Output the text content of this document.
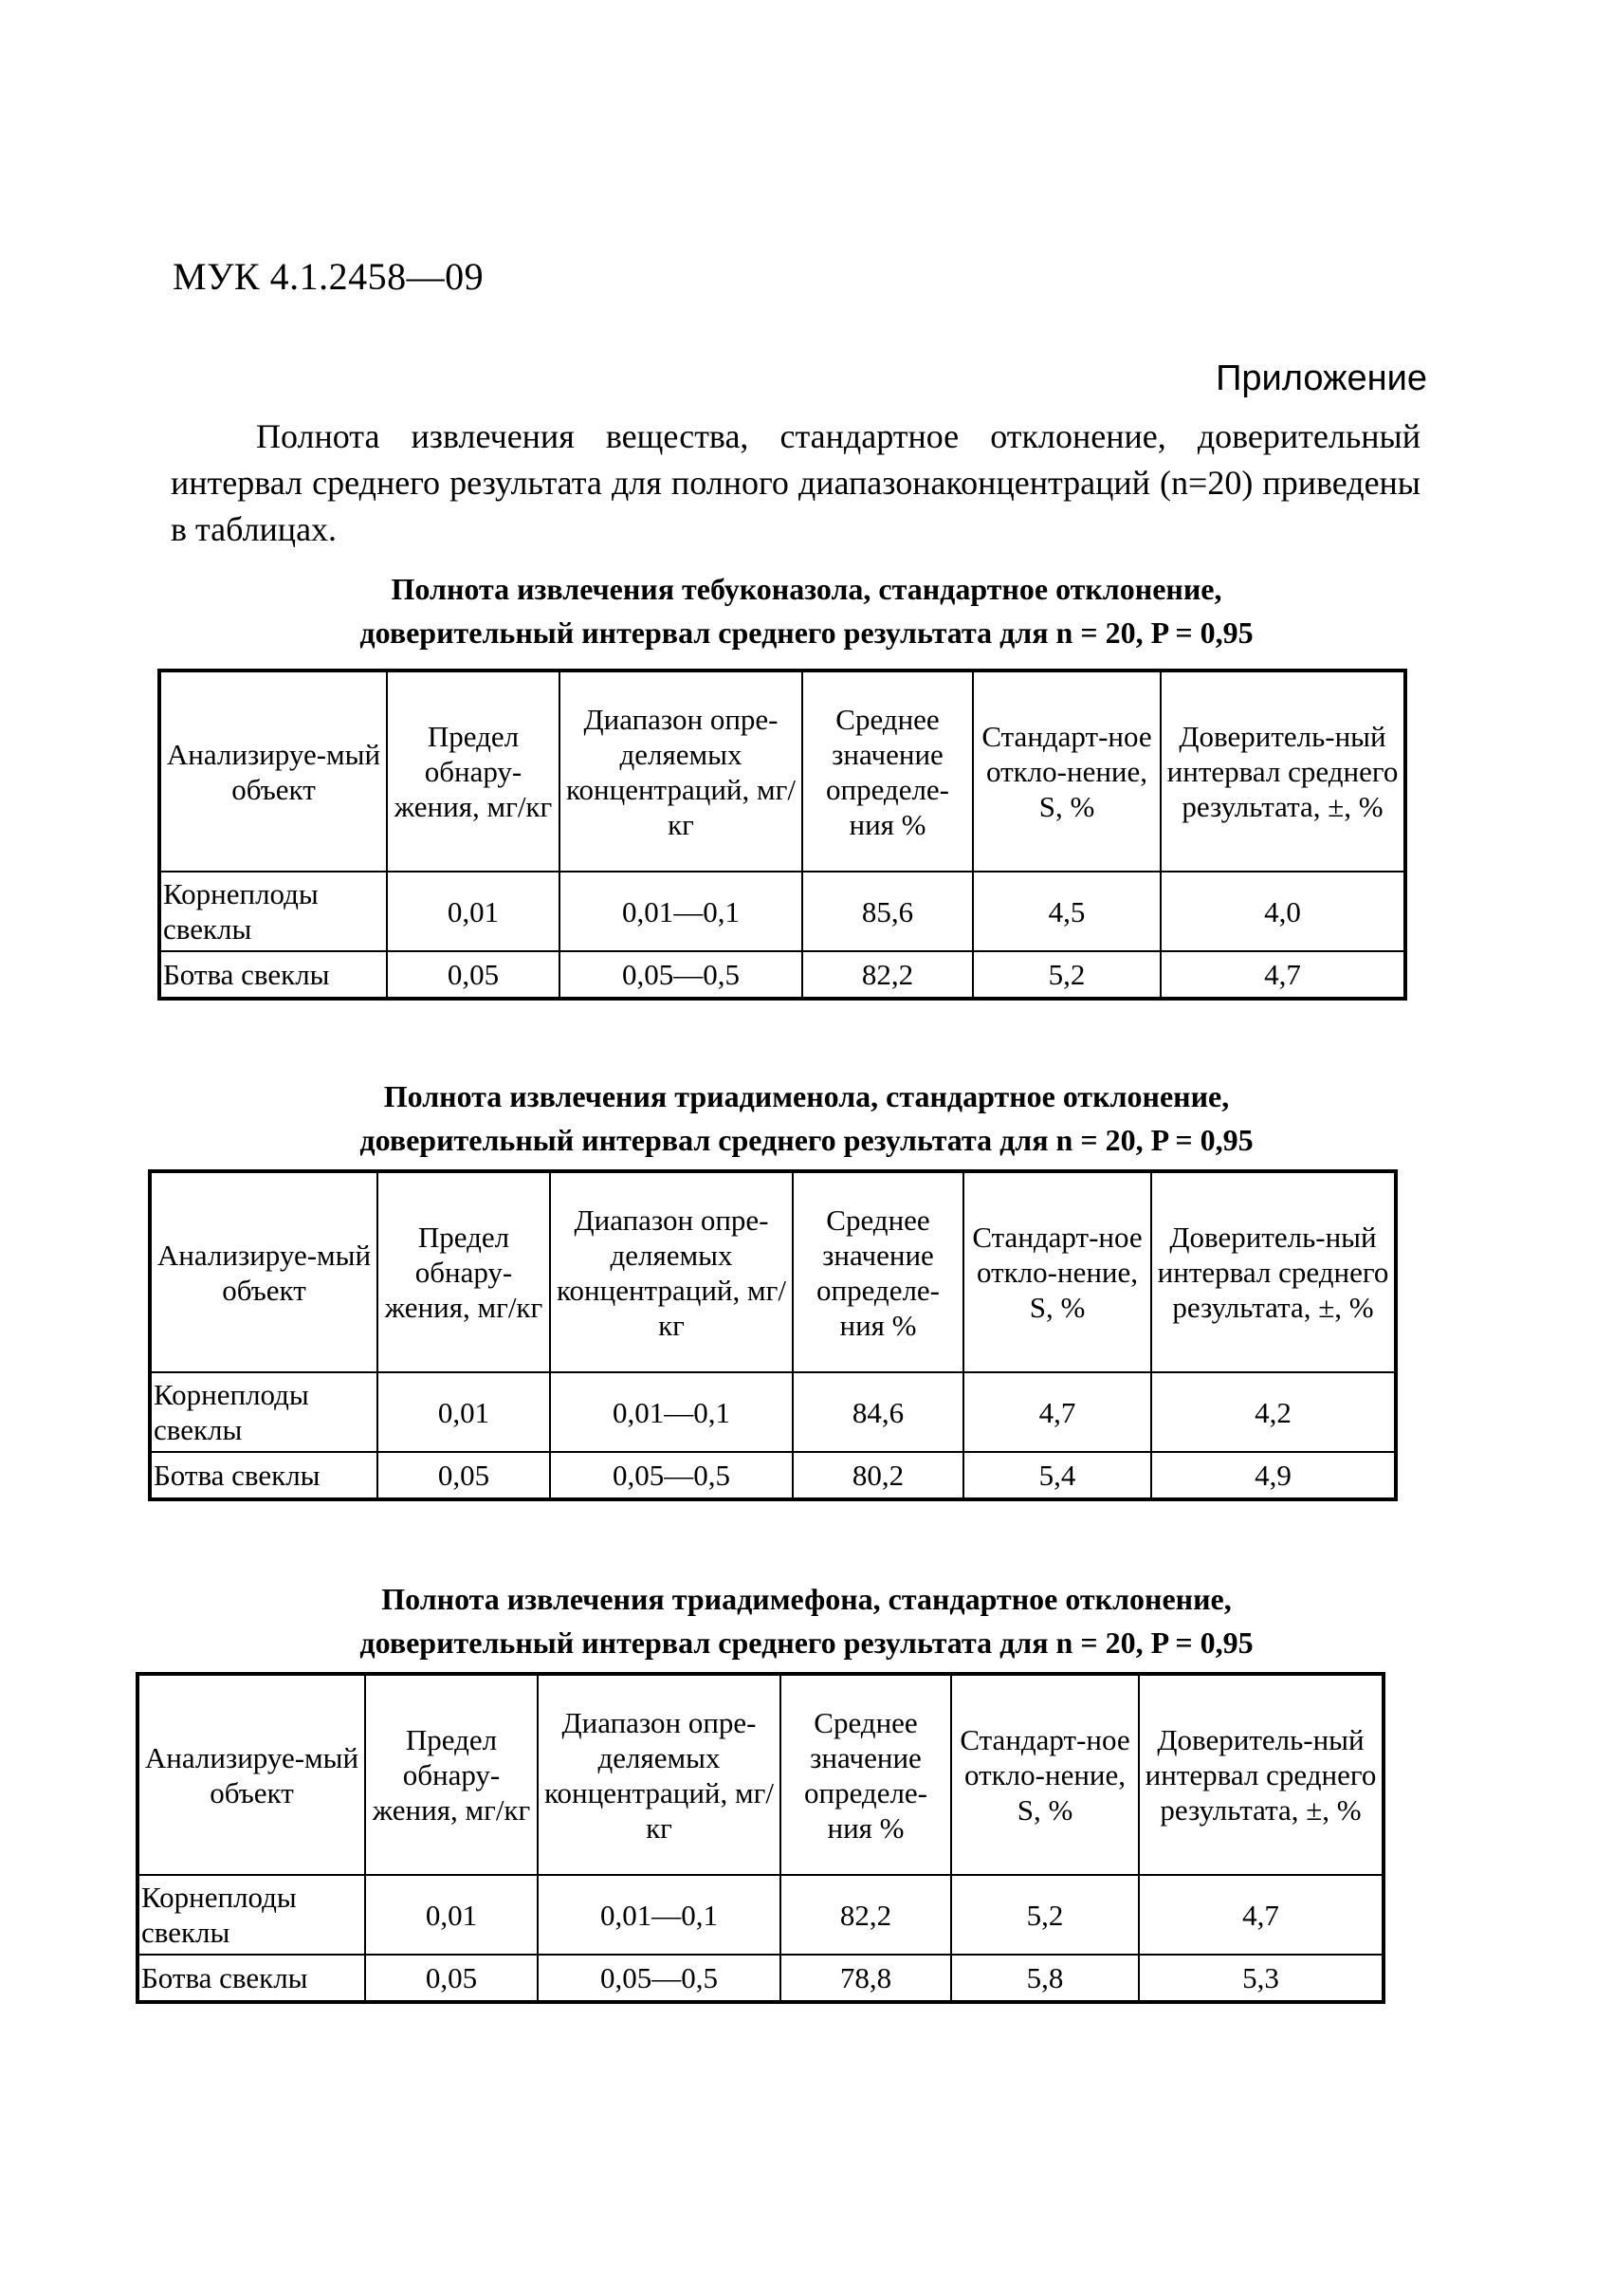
МУК 4.1.2458—09
Приложение

Полнота извлечения вещества, стандартное отклонение, доверительный интервал среднего результата для полного диапазонаконцентраций (n=20) приведены в таблицах.

Полнота извлечения тебуконазола, стандартное отклонение,
доверительный интервал среднего результата для n = 20, P = 0,95
Анализируе-мый объект	Предел обнару-жения, мг/кг	Диапазон опре-деляемых концентраций, мг/кг	Среднее значение определе-ния %	Стандарт-ное откло-нение, S, %	Доверитель-ный интервал среднего результата, ±, %
Корнеплоды свеклы	0,01	0,01—0,1	85,6	4,5	4,0
Ботва свеклы	0,05	0,05—0,5	82,2	5,2	4,7
Полнота извлечения триадименола, стандартное отклонение,
доверительный интервал среднего результата для n = 20, P = 0,95
Анализируе-мый объект	Предел обнару-жения, мг/кг	Диапазон опре-деляемых концентраций, мг/кг	Среднее значение определе-ния %	Стандарт-ное откло-нение, S, %	Доверитель-ный интервал среднего результата, ±, %
Корнеплоды свеклы	0,01	0,01—0,1	84,6	4,7	4,2
Ботва свеклы	0,05	0,05—0,5	80,2	5,4	4,9
Полнота извлечения триадимефона, стандартное отклонение,
доверительный интервал среднего результата для n = 20, P = 0,95
Анализируе-мый объект	Предел обнару-жения, мг/кг	Диапазон опре-деляемых концентраций, мг/кг	Среднее значение определе-ния %	Стандарт-ное откло-нение, S, %	Доверитель-ный интервал среднего результата, ±, %
Корнеплоды свеклы	0,01	0,01—0,1	82,2	5,2	4,7
Ботва свеклы	0,05	0,05—0,5	78,8	5,8	5,3
